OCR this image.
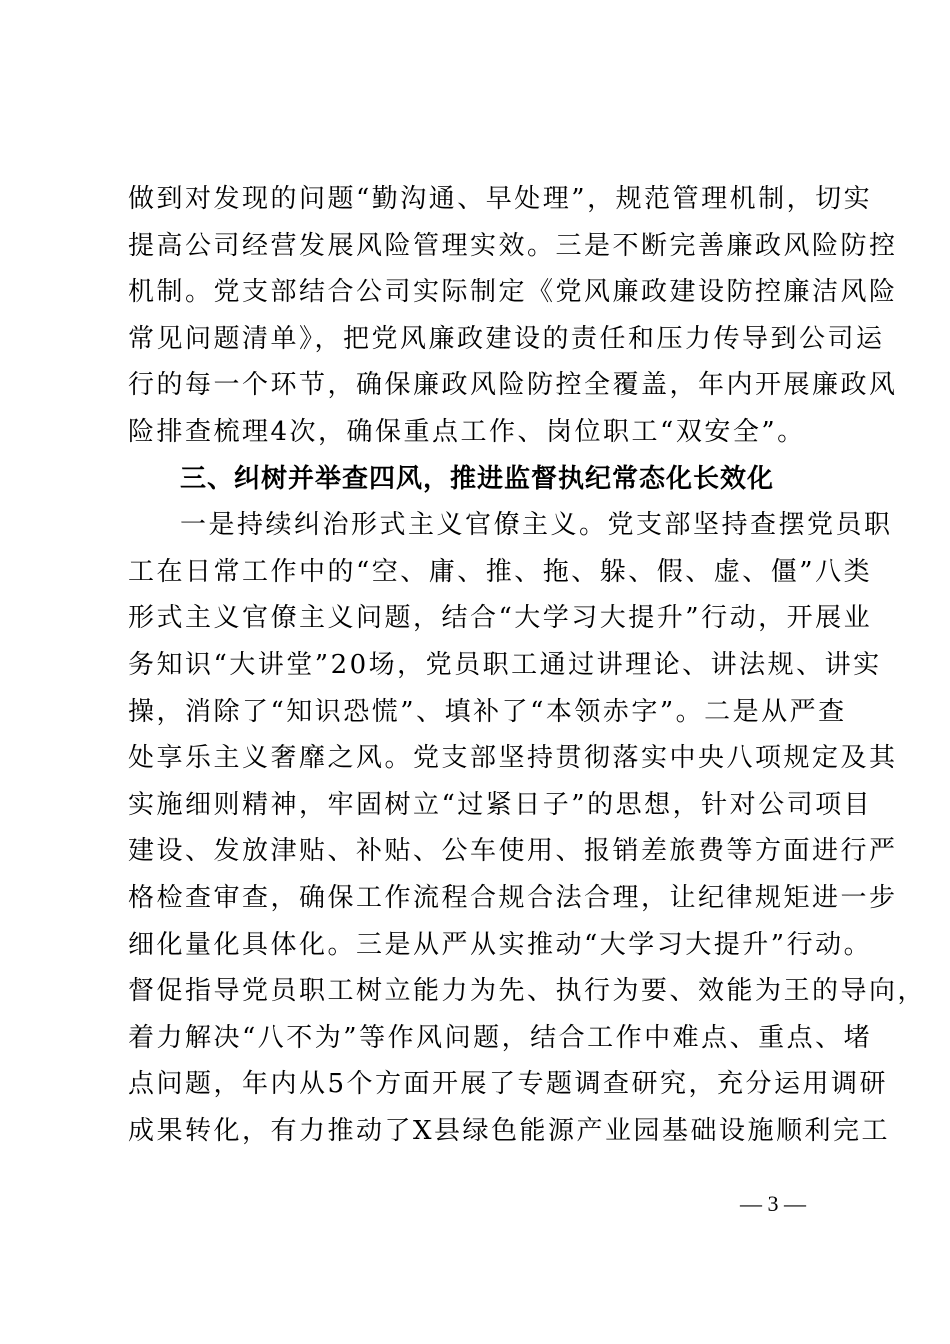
做到对发现的问题“勤沟通、早处理”，规范管理机制，切实
提高公司经营发展风险管理实效。三是不断完善廉政风险防控
机制。党支部结合公司实际制定《党风廉政建设防控廉洁风险
常见问题清单》，把党风廉政建设的责任和压力传导到公司运
行的每一个环节，确保廉政风险防控全覆盖，年内开展廉政风
险排查梳理4次，确保重点工作、岗位职工“双安全”。
三、纠树并举查四风，推进监督执纪常态化长效化
一是持续纠治形式主义官僚主义。党支部坚持查摆党员职
工在日常工作中的“空、庸、推、拖、躲、假、虚、僵”八类
形式主义官僚主义问题，结合“大学习大提升”行动，开展业
务知识“大讲堂”20场，党员职工通过讲理论、讲法规、讲实
操，消除了“知识恐慌”、填补了“本领赤字”。二是从严查
处享乐主义奢靡之风。党支部坚持贯彻落实中央八项规定及其
实施细则精神，牢固树立“过紧日子”的思想，针对公司项目
建设、发放津贴、补贴、公车使用、报销差旅费等方面进行严
格检查审查，确保工作流程合规合法合理，让纪律规矩进一步
细化量化具体化。三是从严从实推动“大学习大提升”行动。
督促指导党员职工树立能力为先、执行为要、效能为王的导向，
着力解决“八不为”等作风问题，结合工作中难点、重点、堵
点问题，年内从5个方面开展了专题调查研究，充分运用调研
成果转化，有力推动了X县绿色能源产业园基础设施顺利完工
— 3 —
